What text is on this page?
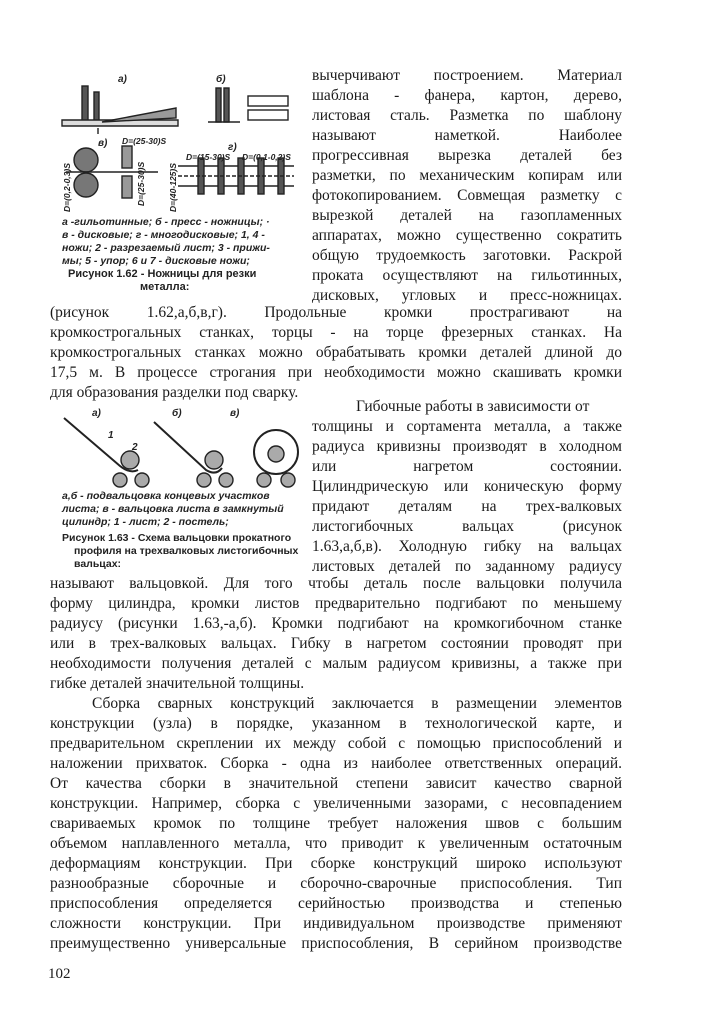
а)	б)
в)	г)
D=(25-30)S
D=(15-30)S D=(0,1-0,2)S
D=(0,2-0,3)S	D=(25-30)S	D=(40-125)S
а -гильотинные; б - пресс - ножницы; ·
в - дисковые; г - многодисковые; 1, 4 -
ножи; 2 - разрезаемый лист; 3 - прижи-
мы; 5 - упор; 6 и 7 - дисковые ножи;
Рисунок 1.62 - Ножницы для резки
металла:
вычерчивают построением. Материал
шаблона - фанера, картон, дерево,
листовая сталь. Разметка по шаблону
называют наметкой. Наиболее
прогрессивная вырезка деталей без
разметки, по механическим копирам или
фотокопированием. Совмещая разметку с
вырезкой деталей на газопламенных
аппаратах, можно существенно сократить
общую трудоемкость заготовки. Раскрой
проката осуществляют на гильотинных,
дисковых, угловых и пресс-ножницах.
(рисунок 1.62,а,б,в,г). Продольные кромки прострагивают на
кромкострогальных станках, торцы - на торце фрезерных станках. На
кромкострогальных станках можно обрабатывать кромки деталей длиной до
17,5 м. В процессе строгания при необходимости можно скашивать кромки
для образования разделки под сварку.
а)	б)	в)
1
2
а,б - подвальцовка концевых участков
листа; в - вальцовка листа в замкнутый
цилиндр; 1 - лист; 2 - постель;
Рисунок 1.63 - Схема вальцовки прокатного
профиля на трехвалковых листогибочных
вальцах:
Гибочные работы в зависимости от
толщины и сортамента металла, а также
радиуса кривизны производят в холодном
или нагретом состоянии.
Цилиндрическую или коническую форму
придают деталям на трех-валковых
листогибочных вальцах (рисунок
1.63,а,б,в). Холодную гибку на вальцах
листовых деталей по заданному радиусу
называют вальцовкой. Для того чтобы деталь после вальцовки получила
форму цилиндра, кромки листов предварительно подгибают по меньшему
радиусу (рисунки 1.63,-а,б). Кромки подгибают на кромкогибочном станке
или в трех-валковых вальцах. Гибку в нагретом состоянии проводят при
необходимости получения деталей с малым радиусом кривизны, а также при
гибке деталей значительной толщины.
Сборка сварных конструкций заключается в размещении элементов
конструкции (узла) в порядке, указанном в технологической карте, и
предварительном скреплении их между собой с помощью приспособлений и
наложении прихваток. Сборка - одна из наиболее ответственных операций.
От качества сборки в значительной степени зависит качество сварной
конструкции. Например, сборка с увеличенными зазорами, с несовпадением
свариваемых кромок по толщине требует наложения швов с большим
объемом наплавленного металла, что приводит к увеличенным остаточным
деформациям конструкции. При сборке конструкций широко используют
разнообразные сборочные и сборочно-сварочные приспособления. Тип
приспособления определяется серийностью производства и степенью
сложности конструкции. При индивидуальном производстве применяют
преимущественно универсальные приспособления, В серийном производстве
102
